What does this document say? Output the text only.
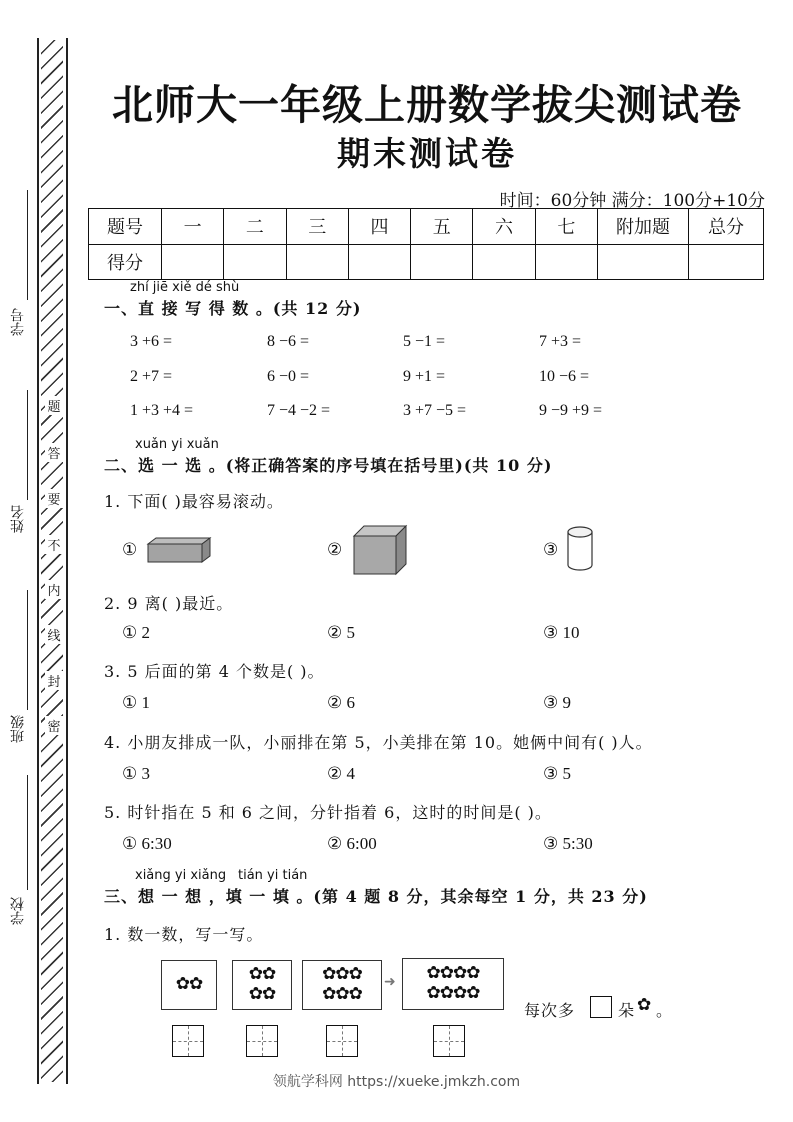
题
答
要
不
内
线
封
密
学号
姓名
班级
学校
北师大一年级上册数学拔尖测试卷
期末测试卷
时间：60分钟 满分：100分+10分
题号	一	二	三	四	五	六	七	附加题	总分
得分									
zhí jiē xiě dé shù
一、直 接 写 得 数 。(共 12 分)
3 +6 =	8 −6 =	5 −1 =	7 +3 =
2 +7 =	6 −0 =	9 +1 =	10 −6 =
1 +3 +4 =	7 −4 −2 =	3 +7 −5 =	9 −9 +9 =
xuǎn yi xuǎn
二、选 一 选 。(将正确答案的序号填在括号里)(共 10 分)
1. 下面( )最容易滚动。
①	②	③
2. 9 离( )最近。
① 2	② 5	③ 10
3. 5 后面的第 4 个数是( )。
① 1	② 6	③ 9
4. 小朋友排成一队，小丽排在第 5，小美排在第 10。她俩中间有( )人。
① 3	② 4	③ 5
5. 时针指在 5 和 6 之间，分针指着 6，这时的时间是( )。
① 6:30	② 6:00	③ 5:30
xiǎng yi xiǎng tián yi tián
三、想 一 想 ，填 一 填 。(第 4 题 8 分，其余每空 1 分，共 23 分)
1. 数一数，写一写。
✿✿	✿✿
✿✿
✿✿✿
✿✿✿
➜	✿✿✿✿
✿✿✿✿
每次多	朵 ✿ 。
领航学科网 https://xueke.jmkzh.com
